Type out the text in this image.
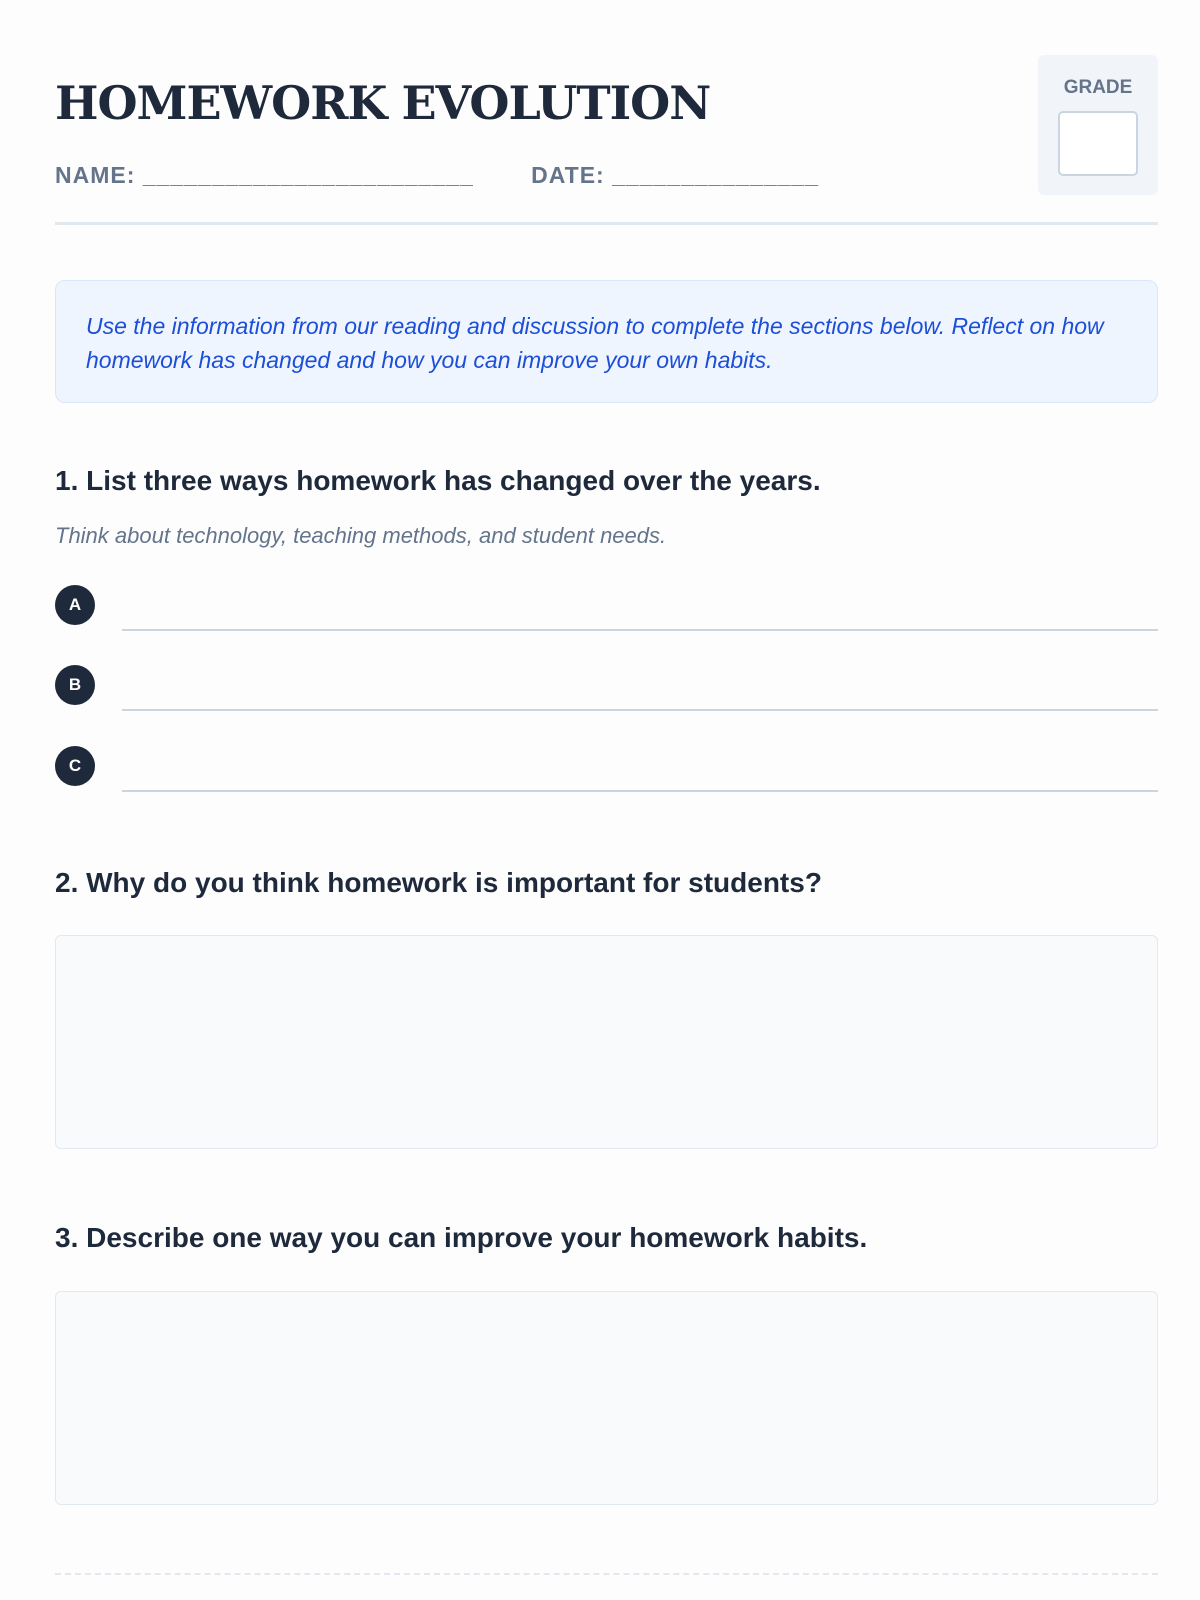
HOMEWORK EVOLUTION
NAME: ________________________ DATE: _______________
GRADE
Use the information from our reading and discussion to complete the sections below. Reflect on how homework has changed and how you can improve your own habits.
1. List three ways homework has changed over the years.

Think about technology, teaching methods, and student needs.

A
B
C
2. Why do you think homework is important for students?
3. Describe one way you can improve your homework habits.
